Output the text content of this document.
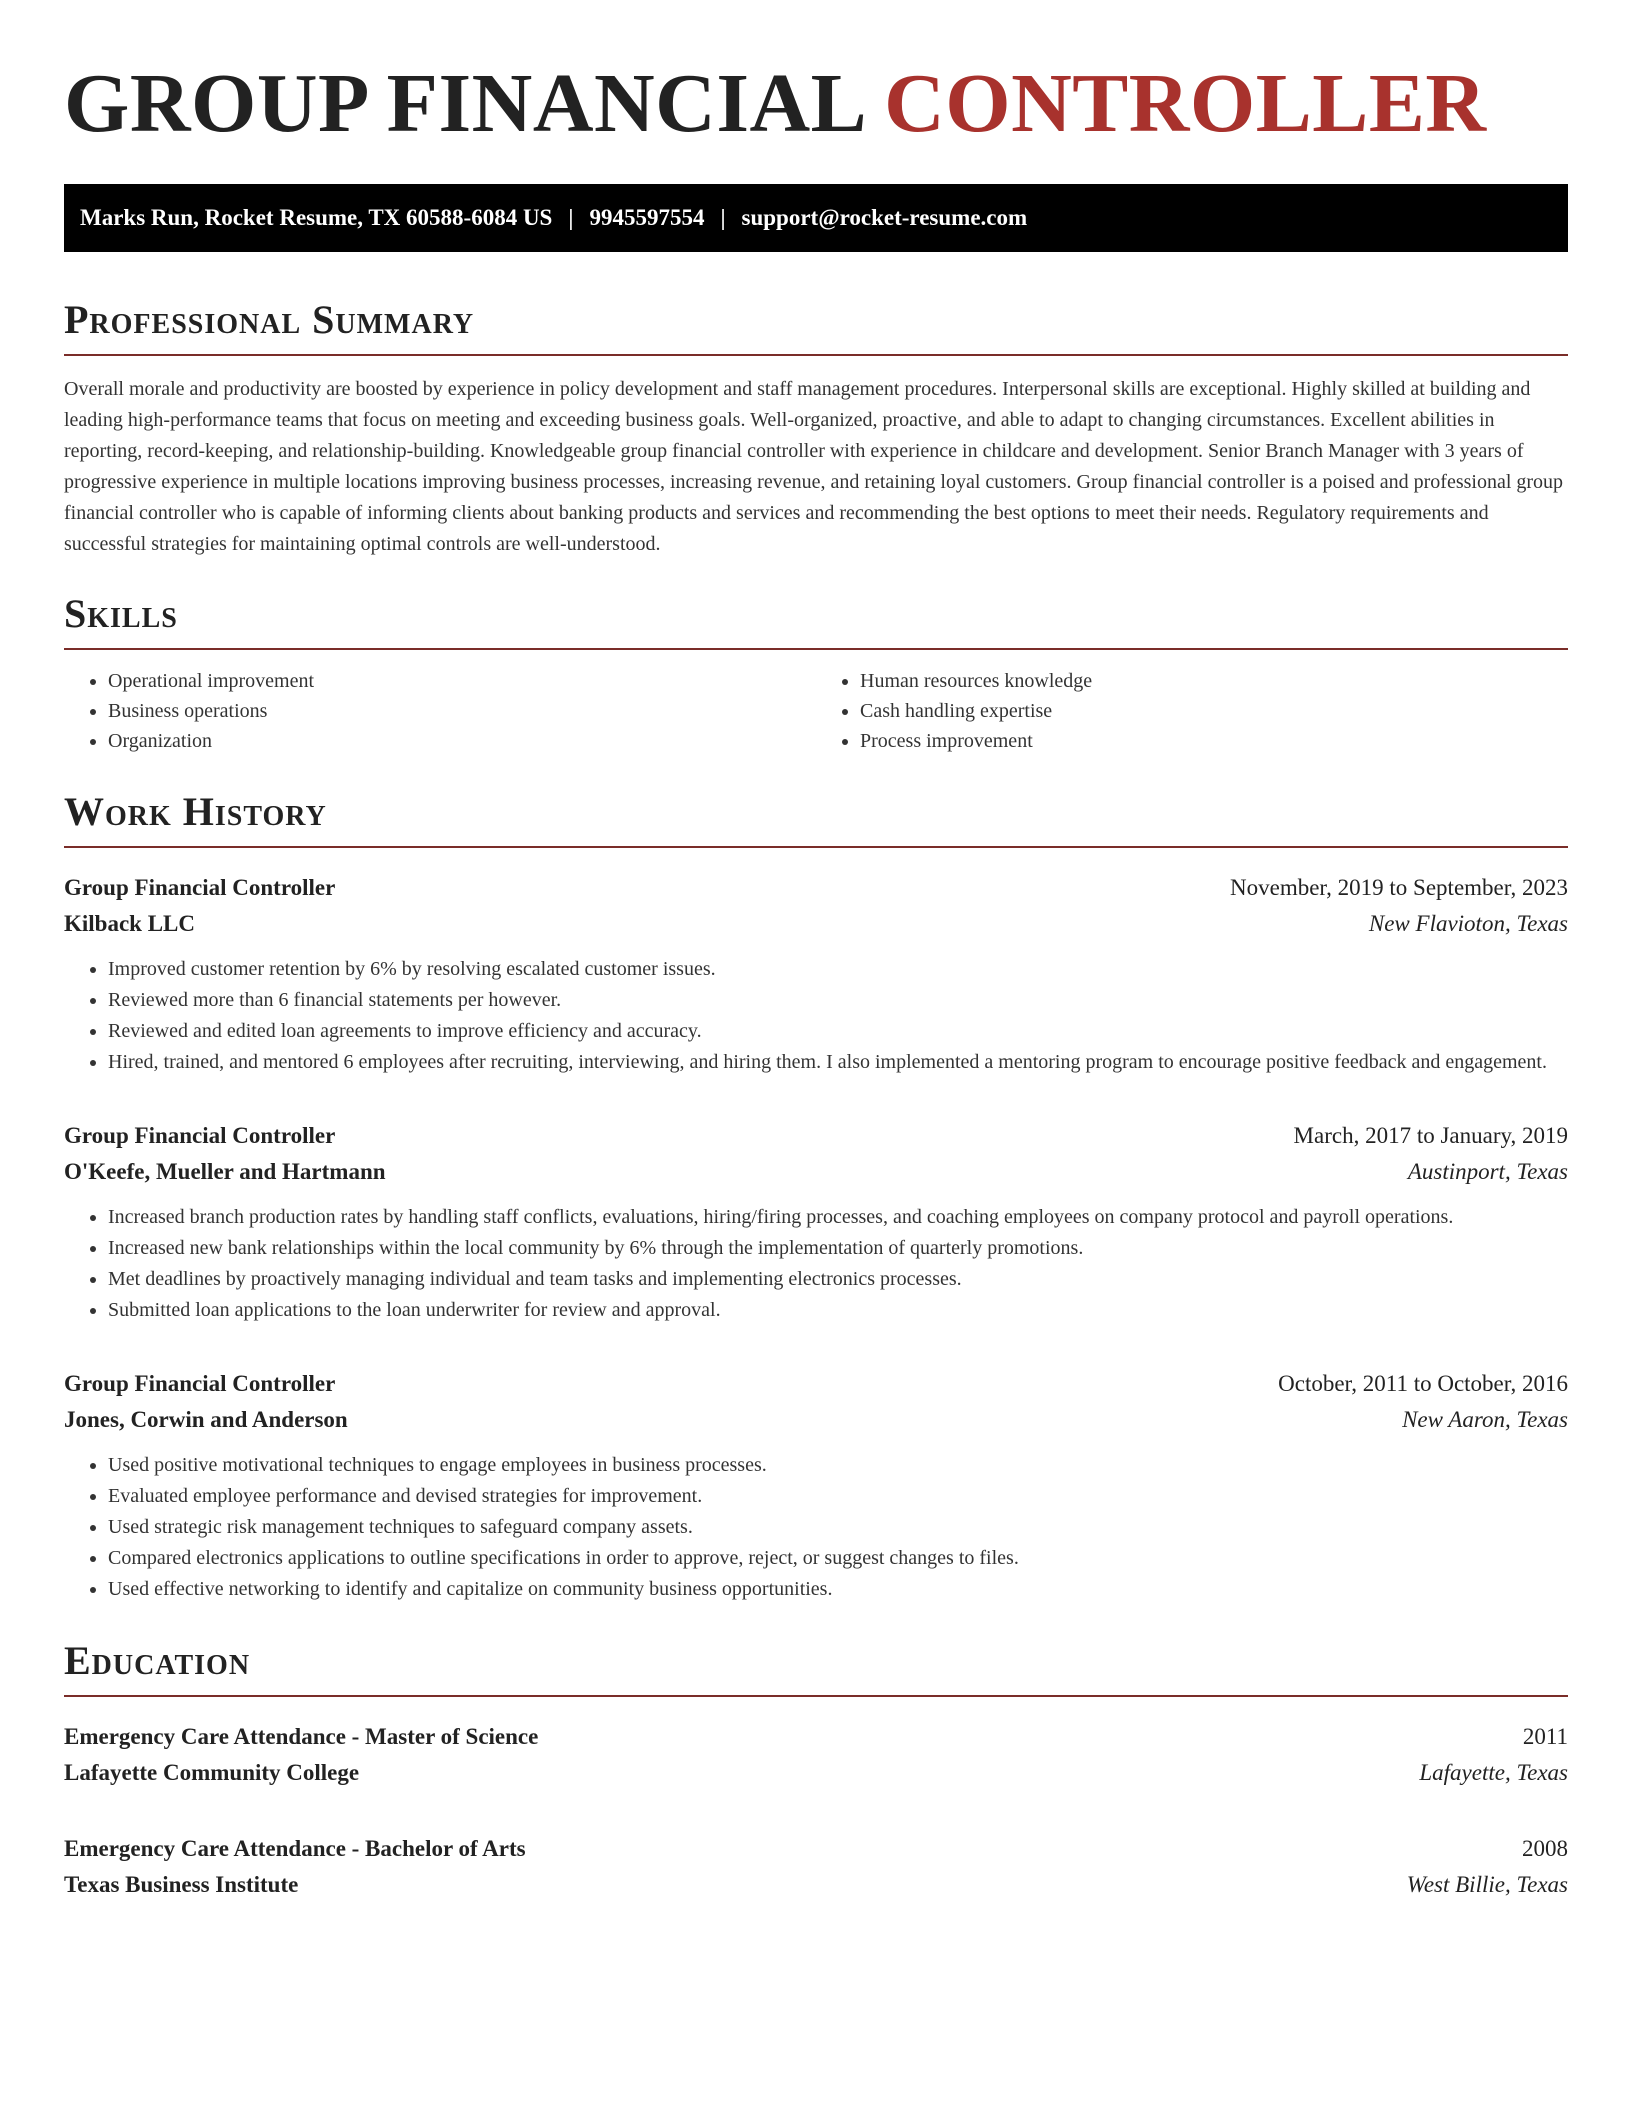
GROUP FINANCIAL CONTROLLER
Marks Run, Rocket Resume, TX 60588-6084 US | 9945597554 | support@rocket-resume.com
Professional Summary

Overall morale and productivity are boosted by experience in policy development and staff management procedures. Interpersonal skills are exceptional. Highly skilled at building and leading high-performance teams that focus on meeting and exceeding business goals. Well-organized, proactive, and able to adapt to changing circumstances. Excellent abilities in reporting, record-keeping, and relationship-building. Knowledgeable group financial controller with experience in childcare and development. Senior Branch Manager with 3 years of progressive experience in multiple locations improving business processes, increasing revenue, and retaining loyal customers. Group financial controller is a poised and professional group financial controller who is capable of informing clients about banking products and services and recommending the best options to meet their needs. Regulatory requirements and successful strategies for maintaining optimal controls are well-understood.

Skills
• Operational improvement
• Business operations
• Organization
• Human resources knowledge
• Cash handling expertise
• Process improvement
Work History
Group Financial Controller	November, 2019 to September, 2023
Kilback LLC	New Flavioton, Texas
• Improved customer retention by 6% by resolving escalated customer issues.
• Reviewed more than 6 financial statements per however.
• Reviewed and edited loan agreements to improve efficiency and accuracy.
• Hired, trained, and mentored 6 employees after recruiting, interviewing, and hiring them. I also implemented a mentoring program to encourage positive feedback and engagement.
Group Financial Controller	March, 2017 to January, 2019
O'Keefe, Mueller and Hartmann	Austinport, Texas
• Increased branch production rates by handling staff conflicts, evaluations, hiring/firing processes, and coaching employees on company protocol and payroll operations.
• Increased new bank relationships within the local community by 6% through the implementation of quarterly promotions.
• Met deadlines by proactively managing individual and team tasks and implementing electronics processes.
• Submitted loan applications to the loan underwriter for review and approval.
Group Financial Controller	October, 2011 to October, 2016
Jones, Corwin and Anderson	New Aaron, Texas
• Used positive motivational techniques to engage employees in business processes.
• Evaluated employee performance and devised strategies for improvement.
• Used strategic risk management techniques to safeguard company assets.
• Compared electronics applications to outline specifications in order to approve, reject, or suggest changes to files.
• Used effective networking to identify and capitalize on community business opportunities.
Education
Emergency Care Attendance - Master of Science	2011
Lafayette Community College	Lafayette, Texas
Emergency Care Attendance - Bachelor of Arts	2008
Texas Business Institute	West Billie, Texas
